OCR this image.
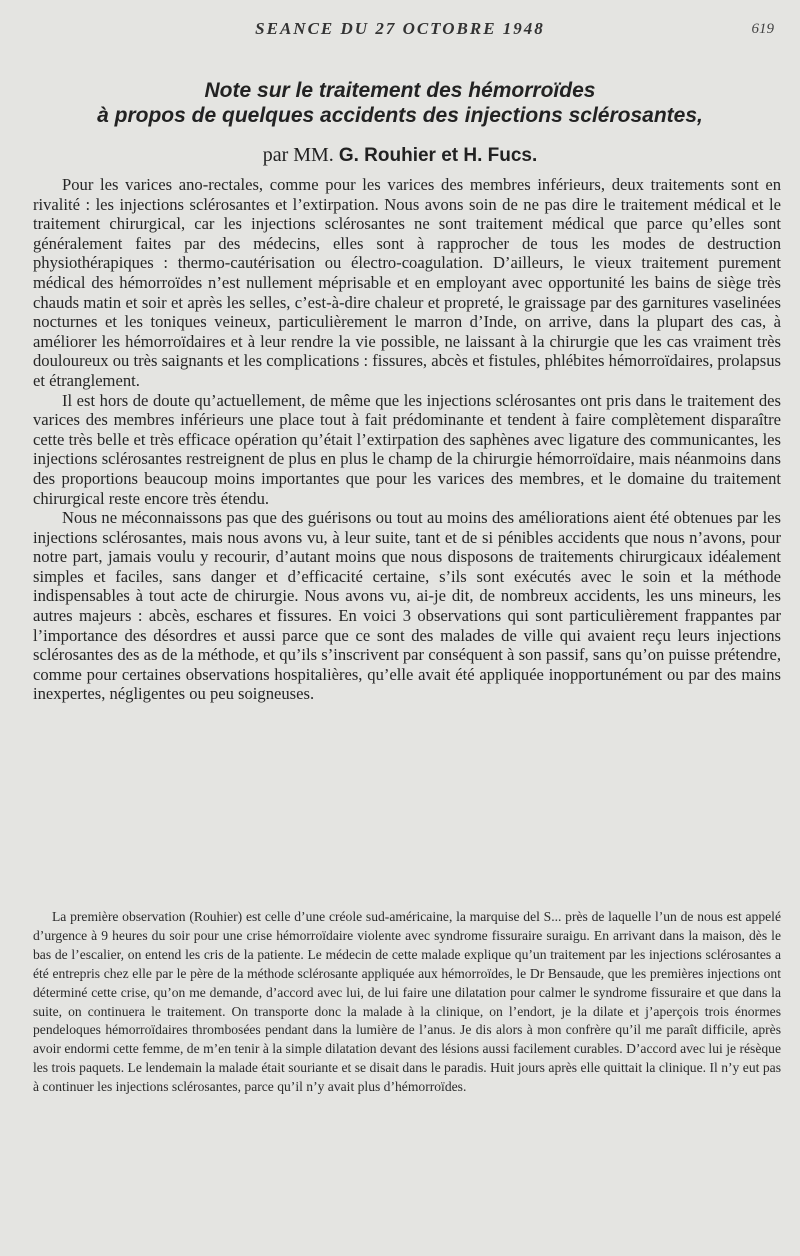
SEANCE DU 27 OCTOBRE 1948	619

Note sur le traitement des hémorroïdes

à propos de quelques accidents des injections sclérosantes,

par MM. G. Rouhier et H. Fucs.

Pour les varices ano-rectales, comme pour les varices des membres inférieurs, deux traitements sont en rivalité : les injections sclérosantes et l’extirpation. Nous avons soin de ne pas dire le traitement médical et le traitement chirurgical, car les injections sclérosantes ne sont traitement médical que parce qu’elles sont généralement faites par des médecins, elles sont à rapprocher de tous les modes de destruction physiothérapiques : thermo-cautérisation ou électro-coagulation. D’ailleurs, le vieux traitement purement médical des hémorroïdes n’est nullement méprisable et en employant avec opportunité les bains de siège très chauds matin et soir et après les selles, c’est-à-dire chaleur et propreté, le graissage par des garnitures vaselinées nocturnes et les toniques veineux, particulièrement le marron d’Inde, on arrive, dans la plupart des cas, à améliorer les hémorroïdaires et à leur rendre la vie possible, ne laissant à la chirurgie que les cas vraiment très douloureux ou très saignants et les complications : fissures, abcès et fistules, phlébites hémorroïdaires, prolapsus et étranglement.

Il est hors de doute qu’actuellement, de même que les injections sclérosantes ont pris dans le traitement des varices des membres inférieurs une place tout à fait prédominante et tendent à faire complètement disparaître cette très belle et très efficace opération qu’était l’extirpation des saphènes avec ligature des communicantes, les injections sclérosantes restreignent de plus en plus le champ de la chirurgie hémorroïdaire, mais néanmoins dans des proportions beaucoup moins importantes que pour les varices des membres, et le domaine du traitement chirurgical reste encore très étendu.

Nous ne méconnaissons pas que des guérisons ou tout au moins des améliorations aient été obtenues par les injections sclérosantes, mais nous avons vu, à leur suite, tant et de si pénibles accidents que nous n’avons, pour notre part, jamais voulu y recourir, d’autant moins que nous disposons de traitements chirurgicaux idéalement simples et faciles, sans danger et d’efficacité certaine, s’ils sont exécutés avec le soin et la méthode indispensables à tout acte de chirurgie. Nous avons vu, ai-je dit, de nombreux accidents, les uns mineurs, les autres majeurs : abcès, eschares et fissures. En voici 3 observations qui sont particulièrement frappantes par l’importance des désordres et aussi parce que ce sont des malades de ville qui avaient reçu leurs injections sclérosantes des as de la méthode, et qu’ils s’inscrivent par conséquent à son passif, sans qu’on puisse prétendre, comme pour certaines observations hospitalières, qu’elle avait été appliquée inopportunément ou par des mains inexpertes, négligentes ou peu soigneuses.

La première observation (Rouhier) est celle d’une créole sud-américaine, la marquise del S... près de laquelle l’un de nous est appelé d’urgence à 9 heures du soir pour une crise hémorroïdaire violente avec syndrome fissuraire suraigu. En arrivant dans la maison, dès le bas de l’escalier, on entend les cris de la patiente. Le médecin de cette malade explique qu’un traitement par les injections sclérosantes a été entrepris chez elle par le père de la méthode sclérosante appliquée aux hémorroïdes, le Dr Bensaude, que les premières injections ont déterminé cette crise, qu’on me demande, d’accord avec lui, de lui faire une dilatation pour calmer le syndrome fissuraire et que dans la suite, on continuera le traitement. On transporte donc la malade à la clinique, on l’endort, je la dilate et j’aperçois trois énormes pendeloques hémorroïdaires thrombosées pendant dans la lumière de l’anus. Je dis alors à mon confrère qu’il me paraît difficile, après avoir endormi cette femme, de m’en tenir à la simple dilatation devant des lésions aussi facilement curables. D’accord avec lui je résèque les trois paquets. Le lendemain la malade était souriante et se disait dans le paradis. Huit jours après elle quittait la clinique. Il n’y eut pas à continuer les injections sclérosantes, parce qu’il n’y avait plus d’hémorroïdes.
